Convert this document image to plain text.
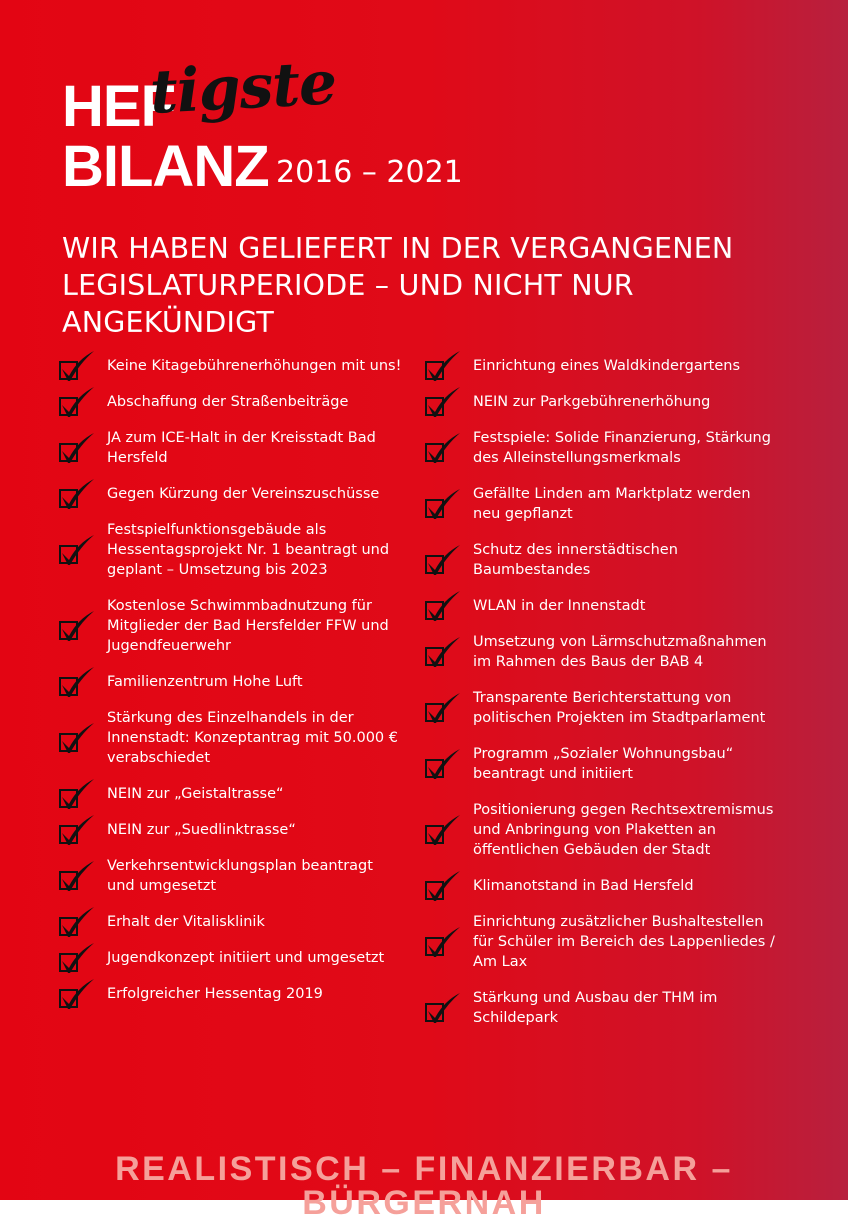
HEF
tigste
BILANZ 2016 – 2021
WIR HABEN GELIEFERT IN DER VERGANGENEN LEGISLATURPERIODE – UND NICHT NUR ANGEKÜNDIGT
Keine Kitagebührenerhöhungen mit uns!
Abschaffung der Straßenbeiträge
JA zum ICE-Halt in der Kreisstadt Bad Hersfeld
Gegen Kürzung der Vereinszuschüsse
Festspielfunktionsgebäude als Hessentagsprojekt Nr. 1 beantragt und geplant – Umsetzung bis 2023
Kostenlose Schwimmbadnutzung für Mitglieder der Bad Hersfelder FFW und Jugendfeuerwehr
Familienzentrum Hohe Luft
Stärkung des Einzelhandels in der Innenstadt: Konzeptantrag mit 50.000 € verabschiedet
NEIN zur „Geistaltrasse“
NEIN zur „Suedlinktrasse“
Verkehrsentwicklungsplan beantragt und umgesetzt
Erhalt der Vitalisklinik
Jugendkonzept initiiert und umgesetzt
Erfolgreicher Hessentag 2019
Einrichtung eines Waldkindergartens
NEIN zur Parkgebührenerhöhung
Festspiele: Solide Finanzierung, Stärkung des Alleinstellungsmerkmals
Gefällte Linden am Marktplatz werden neu gepflanzt
Schutz des innerstädtischen Baumbestandes
WLAN in der Innenstadt
Umsetzung von Lärmschutzmaßnahmen im Rahmen des Baus der BAB 4
Transparente Berichterstattung von politischen Projekten im Stadtparlament
Programm „Sozialer Wohnungsbau“ beantragt und initiiert
Positionierung gegen Rechtsextremismus und Anbringung von Plaketten an öffentlichen Gebäuden der Stadt
Klimanotstand in Bad Hersfeld
Einrichtung zusätzlicher Bushaltestellen für Schüler im Bereich des Lappenliedes / Am Lax
Stärkung und Ausbau der THM im Schildepark

REALISTISCH – FINANZIERBAR – BÜRGERNAH
